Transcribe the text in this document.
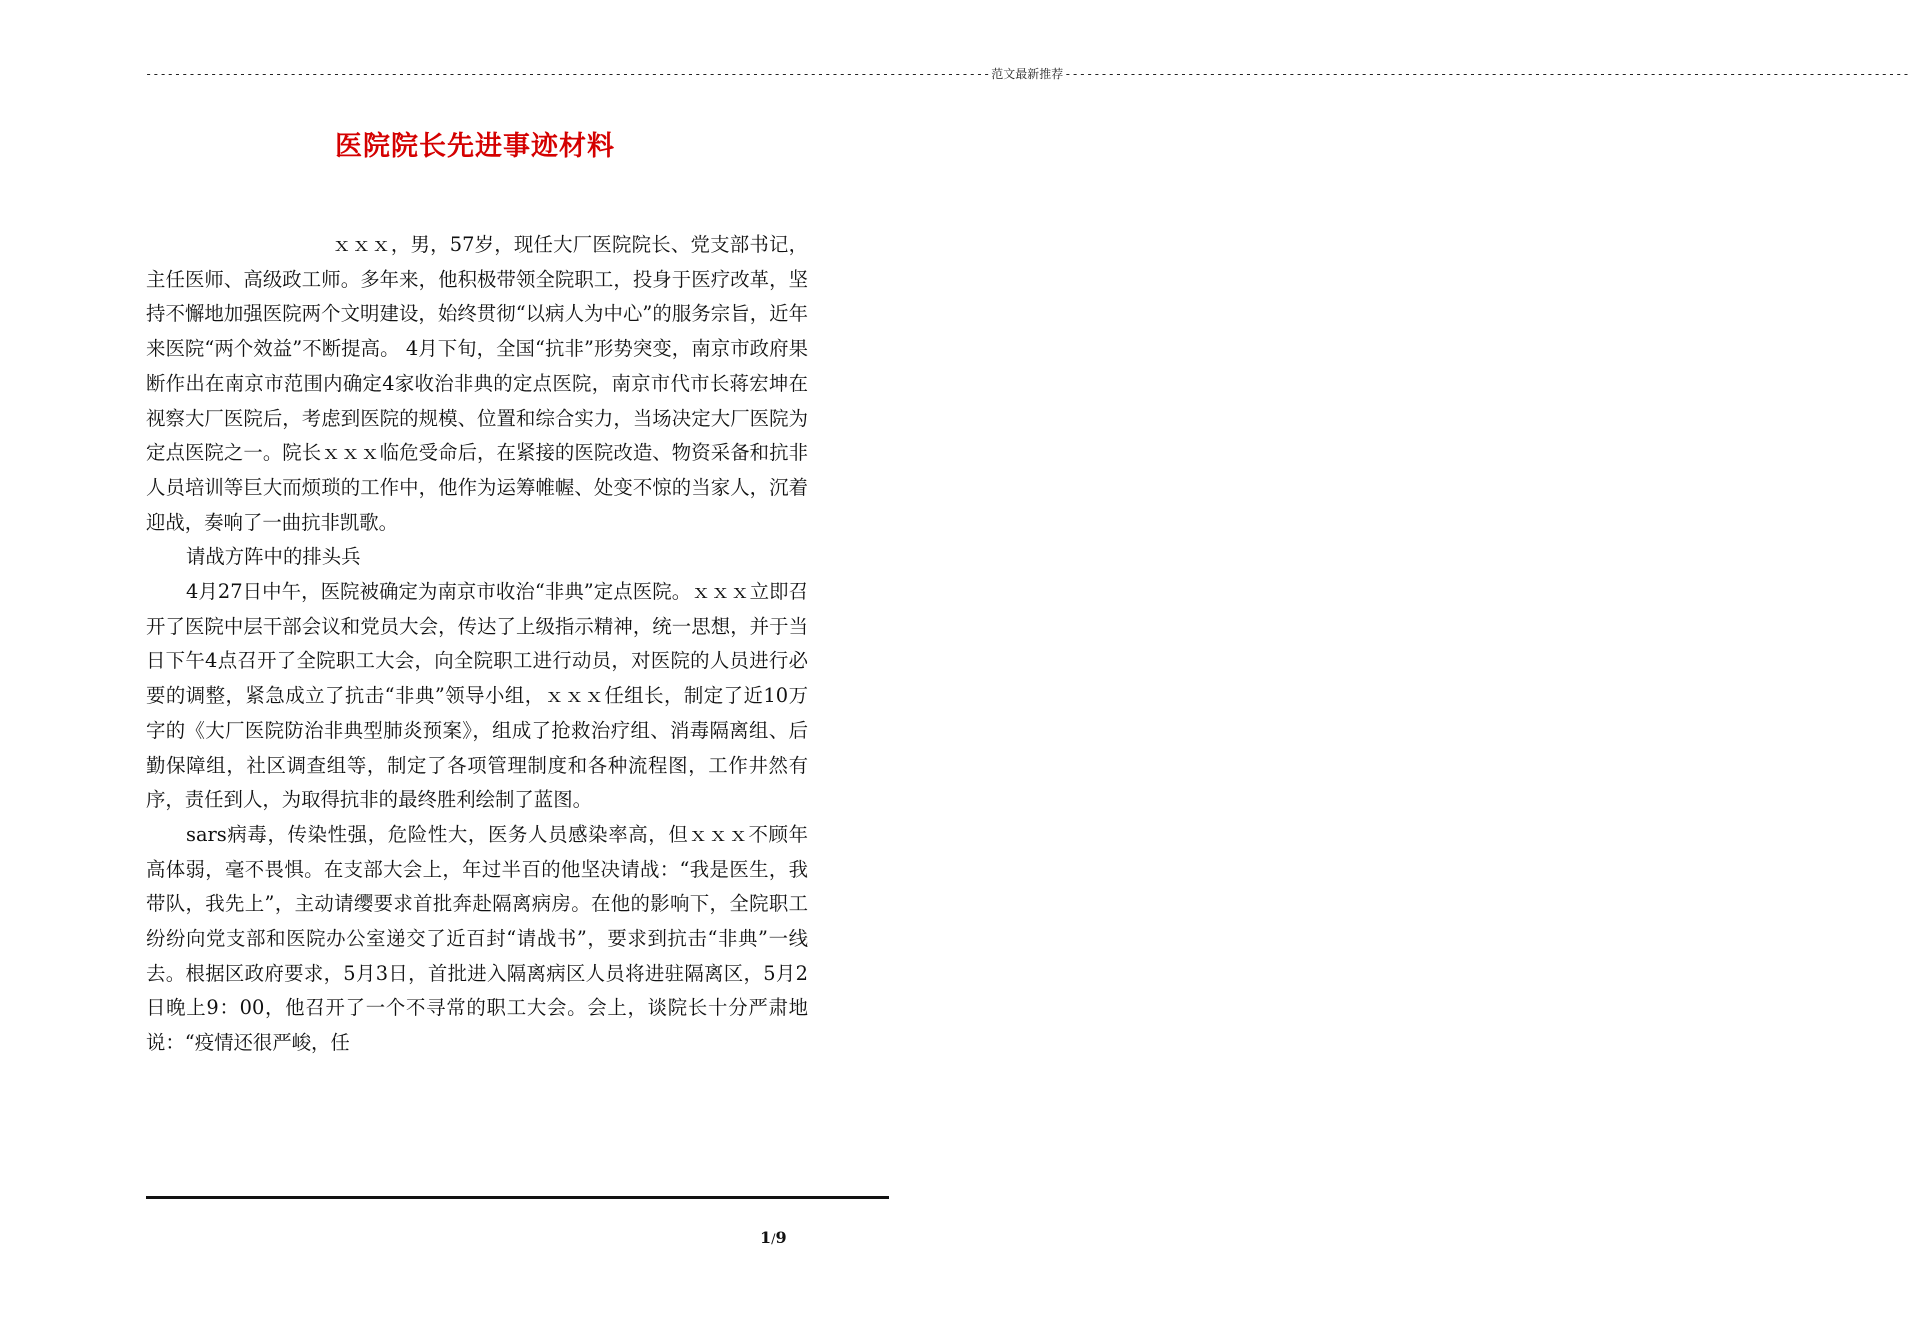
--------------------------------------------------------------------------------------------------------------------- 范文最新推荐 ---------------------------------------------------------------------------------------------------------------------
医院院长先进事迹材料

ｘｘｘ，男，57岁，现任大厂医院院长、党支部书记，主任医师、高级政工师。多年来，他积极带领全院职工，投身于医疗改革，坚持不懈地加强医院两个文明建设，始终贯彻“以病人为中心”的服务宗旨，近年来医院“两个效益”不断提高。 4月下旬，全国“抗非”形势突变，南京市政府果断作出在南京市范围内确定4家收治非典的定点医院，南京市代市长蒋宏坤在视察大厂医院后，考虑到医院的规模、位置和综合实力，当场决定大厂医院为定点医院之一。院长ｘｘｘ临危受命后，在紧接的医院改造、物资采备和抗非人员培训等巨大而烦琐的工作中，他作为运筹帷幄、处变不惊的当家人，沉着迎战，奏响了一曲抗非凯歌。

请战方阵中的排头兵

4月27日中午，医院被确定为南京市收治“非典”定点医院。ｘｘｘ立即召开了医院中层干部会议和党员大会，传达了上级指示精神，统一思想，并于当日下午4点召开了全院职工大会，向全院职工进行动员，对医院的人员进行必要的调整，紧急成立了抗击“非典”领导小组，ｘｘｘ任组长，制定了近10万字的《大厂医院防治非典型肺炎预案》，组成了抢救治疗组、消毒隔离组、后勤保障组，社区调查组等，制定了各项管理制度和各种流程图，工作井然有序，责任到人，为取得抗非的最终胜利绘制了蓝图。

sars病毒，传染性强，危险性大，医务人员感染率高，但ｘｘｘ不顾年高体弱，毫不畏惧。在支部大会上，年过半百的他坚决请战：“我是医生，我带队，我先上”，主动请缨要求首批奔赴隔离病房。在他的影响下，全院职工纷纷向党支部和医院办公室递交了近百封“请战书”，要求到抗击“非典”一线去。根据区政府要求，5月3日，首批进入隔离病区人员将进驻隔离区，5月2日晚上9：00，他召开了一个不寻常的职工大会。会上，谈院长十分严肃地说：“疫情还很严峻，任

1/9
